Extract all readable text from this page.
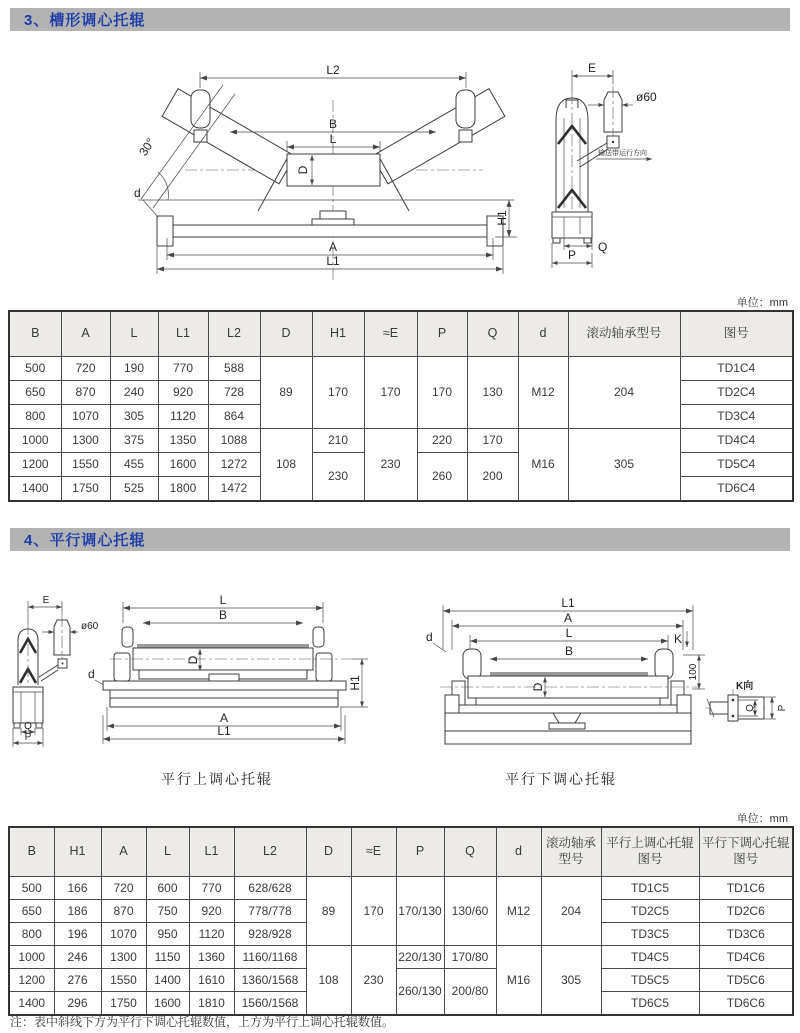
3、槽形调心托辊
D
30°
d
L2
B
L
A
L1
H1
E
ø60
输送带运行方向
Q
P
单位：mm
B	A	L	L1	L2	D	H1	≈E	P	Q	d	滚动轴承型号	图号
500	720	190	770	588	89	170	170	170	130	M12	204	TD1C4
650	870	240	920	728								TD2C4
800	1070	305	1120	864								TD3C4
1000	1300	375	1350	1088	108	210	230	220	170	M16	305	TD4C4
1200	1550	455	1600	1272		230		260	200			TD5C4
1400	1750	525	1800	1472								TD6C4
4、平行调心托辊
E
ø60
Q
P
L
B
D
d
H1
A
L1
L1
A
L
B
d
D
K
100
K向
Q P
平行上调心托辊	平行下调心托辊
单位：mm
B	H1	A	L	L1	L2	D	≈E	P	Q	d	滚动轴承型号	平行上调心托辊图号	平行下调心托辊图号
500	166	720	600	770	628/628	89	170	170/130	130/60	M12	204	TD1C5	TD1C6
650	186	870	750	920	778/778							TD2C5	TD2C6
800	196	1070	950	1120	928/928							TD3C5	TD3C6
1000	246	1300	1150	1360	1160/1168	108	230	220/130	170/80	M16	305	TD4C5	TD4C6
1200	276	1550	1400	1610	1360/1568			260/130	200/80			TD5C5	TD5C6
1400	296	1750	1600	1810	1560/1568							TD6C5	TD6C6
注：表中斜线下方为平行下调心托辊数值，上方为平行上调心托辊数值。
